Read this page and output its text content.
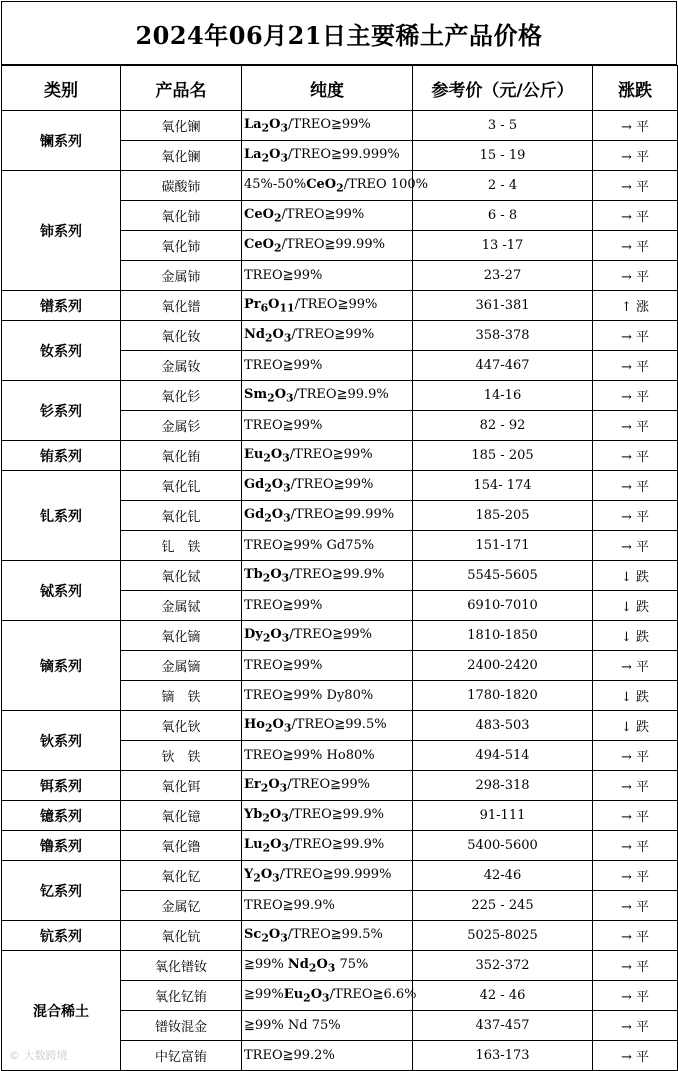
2024年06月21日主要稀土产品价格
类别	产品名	纯度	参考价（元/公斤）	涨跌
镧系列	氧化镧	$La_2O_3/TREO≧99\%$	3 - 5	→ 平
	氧化镧	$La_2O_3/TREO≧99.999\%$	15 - 19	→ 平
铈系列	碳酸铈	45%-50%CeO$_2$/TREO 100%	2 - 4	→ 平
	氧化铈	CeO$_2$/TREO≧99%	6 - 8	→ 平
	氧化铈	CeO$_2$/TREO≧99.99%	13 -17	→ 平
	金属铈	TREO≧99%	23-27	→ 平
镨系列	氧化镨	$Pr_6O_{11}/TREO≧99\%$	361-381	↑ 涨
钕系列	氧化钕	$Nd_2O_3/TREO≧99\%$	358-378	→ 平
	金属钕	TREO≧99%	447-467	→ 平
钐系列	氧化钐	$Sm_2O_3/TREO≧99.9\%$	14-16	→ 平
	金属钐	TREO≧99%	82 - 92	→ 平
铕系列	氧化铕	$Eu_2O_3/TREO≧99\%$	185 - 205	→ 平
钆系列	氧化钆	$Gd_2O_3/TREO≧99\%$	154- 174	→ 平
	氧化钆	$Gd_2O_3/TREO≧99.99\%$	185-205	→ 平
	钆　铁	TREO≧99% Gd75%	151-171	→ 平
铽系列	氧化铽	$Tb_2O_3/TREO≧99.9\%$	5545-5605	↓ 跌
	金属铽	TREO≧99%	6910-7010	↓ 跌
镝系列	氧化镝	$Dy_2O_3/TREO≧99\%$	1810-1850	↓ 跌
	金属镝	TREO≧99%	2400-2420	→ 平
	镝　铁	TREO≧99% Dy80%	1780-1820	↓ 跌
钬系列	氧化钬	$Ho_2O_3/TREO≧99.5\%$	483-503	↓ 跌
	钬　铁	TREO≧99% Ho80%	494-514	→ 平
铒系列	氧化铒	$Er_2O_3/TREO≧99\%$	298-318	→ 平
镱系列	氧化镱	$Yb_2O_3/TREO≧99.9\%$	91-111	→ 平
镥系列	氧化镥	$Lu_2O_3/TREO≧99.9\%$	5400-5600	→ 平
钇系列	氧化钇	$Y_2O_3/TREO≧99.999\%$	42-46	→ 平
	金属钇	TREO≧99.9%	225 - 245	→ 平
钪系列	氧化钪	$Sc_2O_3/TREO≧99.5\%$	5025-8025	→ 平
混合稀土	氧化镨钕	≧99% $Nd_2O_3$ 75%	352-372	→ 平
	氧化钇铕	$≧99\%Eu_2O_3/TREO≧6.6\%$	42 - 46	→ 平
	镨钕混金	≧99% Nd 75%	437-457	→ 平
	中钇富铕	TREO≧99.2%	163-173	→ 平
© 大数跨境
